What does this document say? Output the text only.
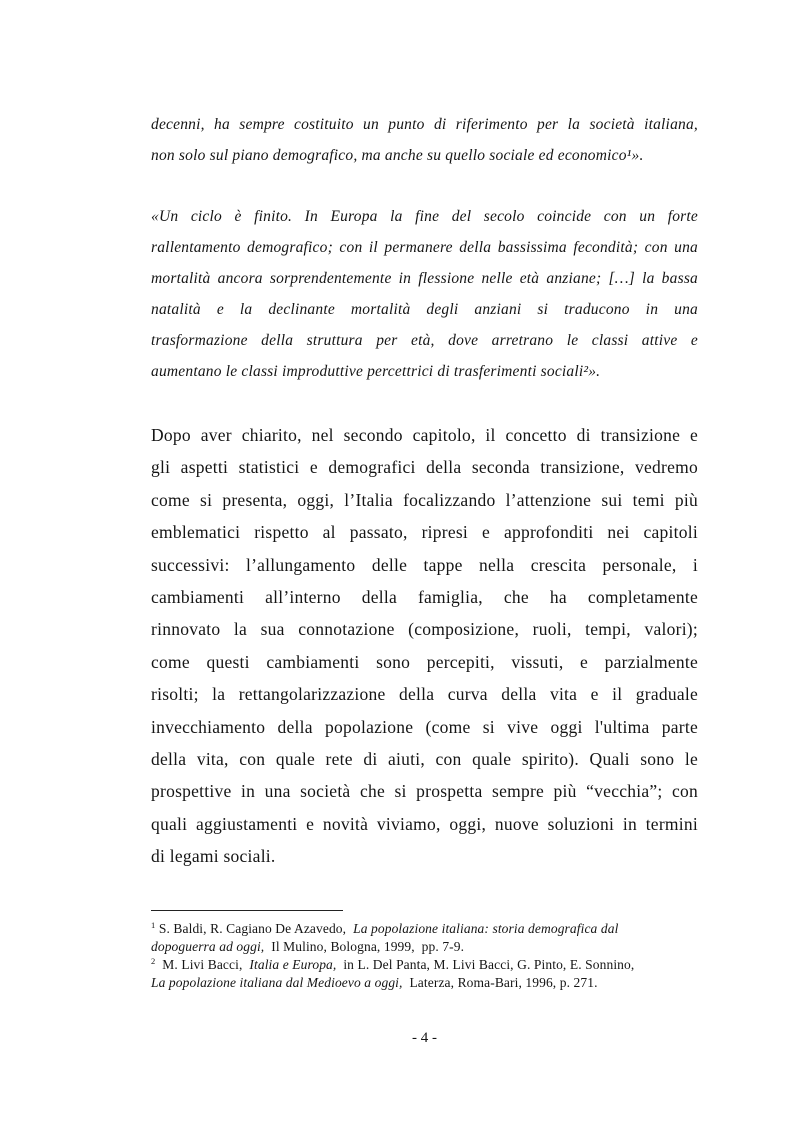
decenni, ha sempre costituito un punto di riferimento per la società italiana,
non solo sul piano demografico, ma anche su quello sociale ed economico¹».
«Un ciclo è finito. In Europa la fine del secolo coincide con un forte
rallentamento demografico; con il permanere della bassissima fecondità; con una
mortalità ancora sorprendentemente in flessione nelle età anziane; […] la bassa
natalità e la declinante mortalità degli anziani si traducono in una
trasformazione della struttura per età, dove arretrano le classi attive e
aumentano le classi improduttive percettrici di trasferimenti sociali²».
Dopo aver chiarito, nel secondo capitolo, il concetto di transizione e
gli aspetti statistici e demografici della seconda transizione, vedremo
come si presenta, oggi, l’Italia focalizzando l’attenzione sui temi più
emblematici rispetto al passato, ripresi e approfonditi nei capitoli
successivi: l’allungamento delle tappe nella crescita personale, i
cambiamenti all’interno della famiglia, che ha completamente
rinnovato la sua connotazione (composizione, ruoli, tempi, valori);
come questi cambiamenti sono percepiti, vissuti, e parzialmente
risolti; la rettangolarizzazione della curva della vita e il graduale
invecchiamento della popolazione (come si vive oggi l'ultima parte
della vita, con quale rete di aiuti, con quale spirito). Quali sono le
prospettive in una società che si prospetta sempre più “vecchia”; con
quali aggiustamenti e novità viviamo, oggi, nuove soluzioni in termini
di legami sociali.
$^1$ S. Baldi, R. Cagiano De Azavedo,  La popolazione italiana: storia demografica dal
dopoguerra ad oggi,  Il Mulino, Bologna, 1999,  pp. 7-9.
$^2$  M. Livi Bacci,  Italia e Europa,  in L. Del Panta, M. Livi Bacci, G. Pinto, E. Sonnino,
La popolazione italiana dal Medioevo a oggi,  Laterza, Roma-Bari, 1996, p. 271.
- 4 -
